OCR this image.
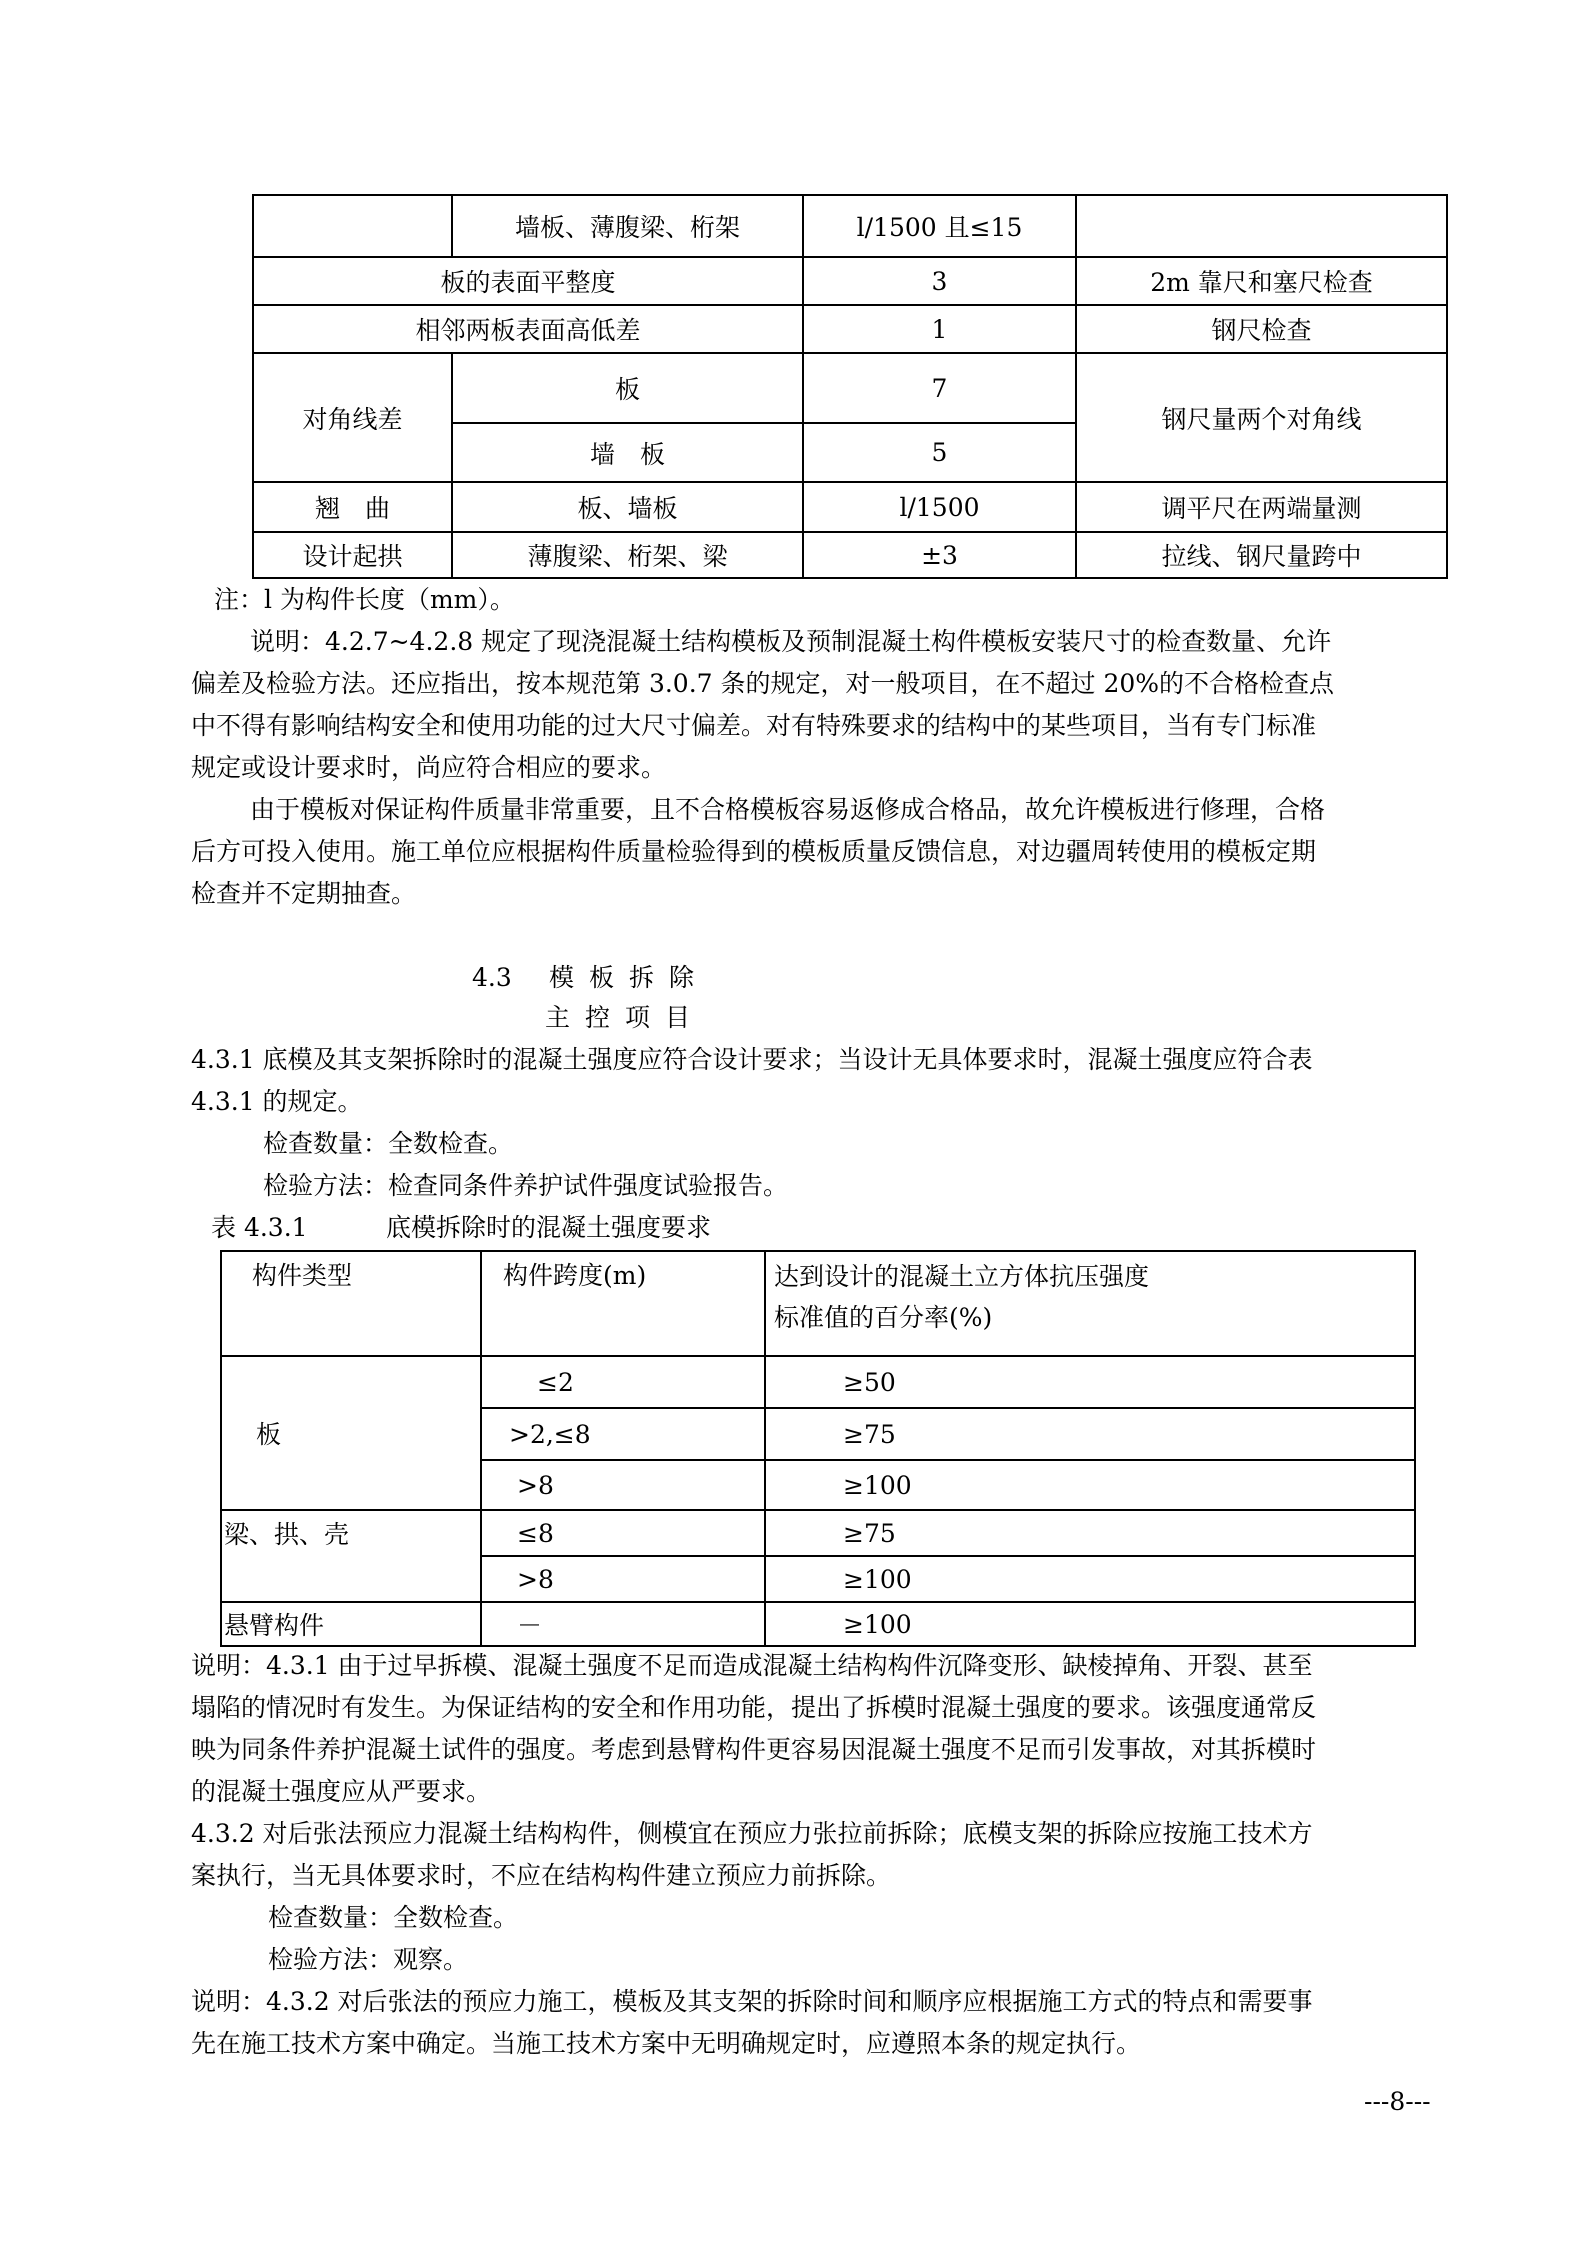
	墙板、薄腹梁、桁架	l/1500 且≤15	
板的表面平整度		3	2m 靠尺和塞尺检查
相邻两板表面高低差		1	钢尺检查
对角线差	板	7	钢尺量两个对角线
	墙　板	5	
翘　曲	板、墙板	l/1500	调平尺在两端量测
设计起拱	薄腹梁、桁架、梁	±3	拉线、钢尺量跨中
注：l 为构件长度（mm）。
说明：4.2.7~4.2.8 规定了现浇混凝土结构模板及预制混凝土构件模板安装尺寸的检查数量、允许
偏差及检验方法。还应指出，按本规范第 3.0.7 条的规定，对一般项目，在不超过 20%的不合格检查点
中不得有影响结构安全和使用功能的过大尺寸偏差。对有特殊要求的结构中的某些项目，当有专门标准
规定或设计要求时，尚应符合相应的要求。
由于模板对保证构件质量非常重要，且不合格模板容易返修成合格品，故允许模板进行修理，合格
后方可投入使用。施工单位应根据构件质量检验得到的模板质量反馈信息，对边疆周转使用的模板定期
检查并不定期抽查。
4.3 模板拆除
主控项目
4.3.1 底模及其支架拆除时的混凝土强度应符合设计要求；当设计无具体要求时，混凝土强度应符合表
4.3.1 的规定。
检查数量：全数检查。
检验方法：检查同条件养护试件强度试验报告。
表 4.3.1	底模拆除时的混凝土强度要求
构件类型	构件跨度(m)	达到设计的混凝土立方体抗压强度
标准值的百分率(%)

板	≤2	≥50
	>2,≤8	≥75
	>8	≥100
梁、拱、壳	≤8	≥75
	>8	≥100
悬臂构件	－	≥100
说明：4.3.1 由于过早拆模、混凝土强度不足而造成混凝土结构构件沉降变形、缺棱掉角、开裂、甚至
塌陷的情况时有发生。为保证结构的安全和作用功能，提出了拆模时混凝土强度的要求。该强度通常反
映为同条件养护混凝土试件的强度。考虑到悬臂构件更容易因混凝土强度不足而引发事故，对其拆模时
的混凝土强度应从严要求。
4.3.2 对后张法预应力混凝土结构构件，侧模宜在预应力张拉前拆除；底模支架的拆除应按施工技术方
案执行，当无具体要求时，不应在结构构件建立预应力前拆除。
检查数量：全数检查。
检验方法：观察。
说明：4.3.2 对后张法的预应力施工，模板及其支架的拆除时间和顺序应根据施工方式的特点和需要事
先在施工技术方案中确定。当施工技术方案中无明确规定时，应遵照本条的规定执行。
---8---
